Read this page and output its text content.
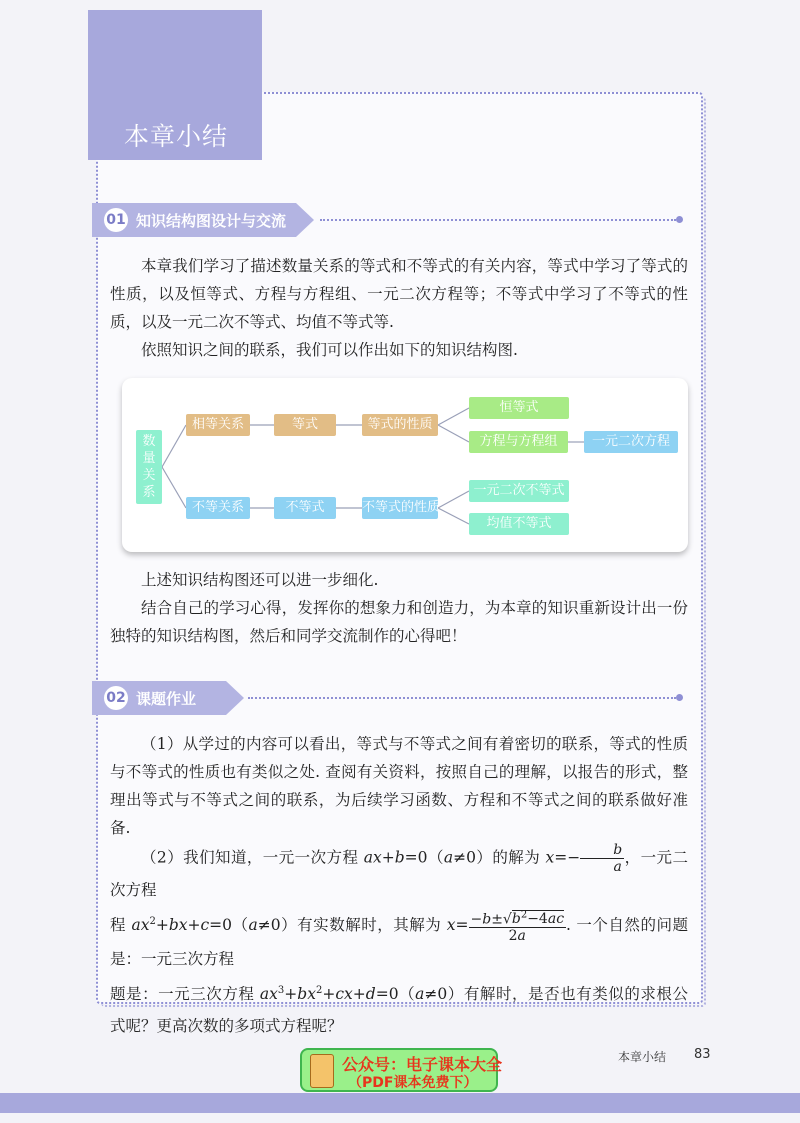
本章小结
01 知识结构图设计与交流

本章我们学习了描述数量关系的等式和不等式的有关内容，等式中学习了等式的性质，以及恒等式、方程与方程组、一元二次方程等；不等式中学习了不等式的性质，以及一元二次不等式、均值不等式等.

依照知识之间的联系，我们可以作出如下的知识结构图.

数
量
关
系
相等关系	等式	等式的性质
恒等式
方程与方程组	一元二次方程
不等关系	不等式	不等式的性质
一元二次不等式
均值不等式

上述知识结构图还可以进一步细化.

结合自己的学习心得，发挥你的想象力和创造力，为本章的知识重新设计出一份独特的知识结构图，然后和同学交流制作的心得吧！

02 课题作业

（1）从学过的内容可以看出，等式与不等式之间有着密切的联系，等式的性质与不等式的性质也有类似之处. 查阅有关资料，按照自己的理解，以报告的形式，整理出等式与不等式之间的联系，为后续学习函数、方程和不等式之间的联系做好准备.

（2）我们知道，一元一次方程 ax+b=0（a≠0）的解为 $x=- \frac{b}{a}$ ，一元二次方程
程 $ax^2+bx+c=0(a\ne 0)$有实数解时，其解为 $x= \frac{-b\pm√b^2-4ac}{2a}$ . 一个自然的问题是：一元三次方程
题是：一元三次方程 $ax^3+bx^2+cx+d=0(a\ne 0)$有解时，是否也有类似的求根公式呢？更高次数的多项式方程呢？
公众号：电子课本大全
（PDF课本免费下）
本章小结 83
